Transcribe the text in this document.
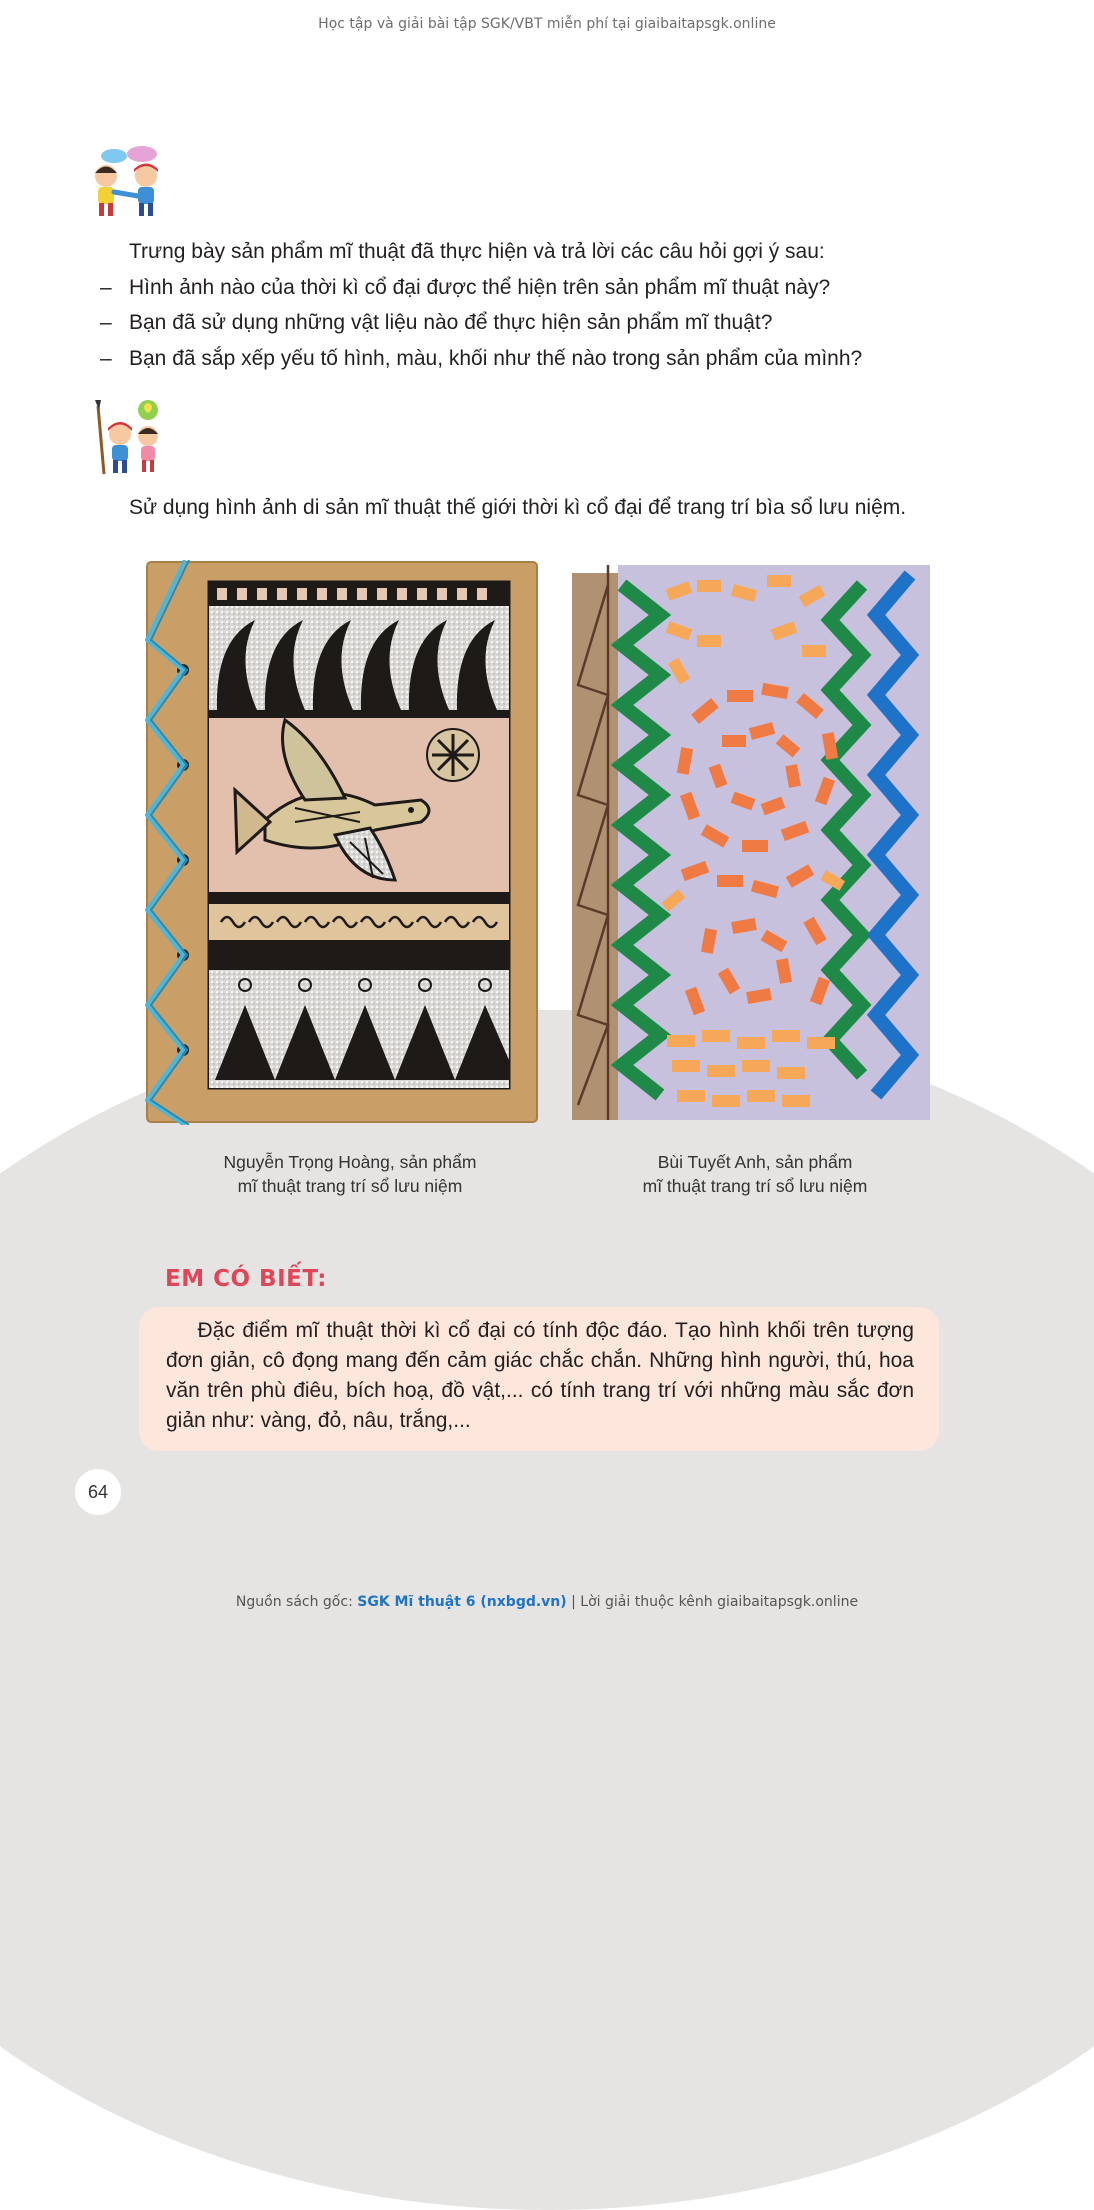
Học tập và giải bài tập SGK/VBT miễn phí tại giaibaitapsgk.online
Trưng bày sản phẩm mĩ thuật đã thực hiện và trả lời các câu hỏi gợi ý sau:
– Hình ảnh nào của thời kì cổ đại được thể hiện trên sản phẩm mĩ thuật này?
– Bạn đã sử dụng những vật liệu nào để thực hiện sản phẩm mĩ thuật?
– Bạn đã sắp xếp yếu tố hình, màu, khối như thế nào trong sản phẩm của mình?
Sử dụng hình ảnh di sản mĩ thuật thế giới thời kì cổ đại để trang trí bìa sổ lưu niệm.
Nguyễn Trọng Hoàng, sản phẩm
mĩ thuật trang trí sổ lưu niệm
Bùi Tuyết Anh, sản phẩm
mĩ thuật trang trí sổ lưu niệm
EM CÓ BIẾT:
  Đặc điểm mĩ thuật thời kì cổ đại có tính độc đáo. Tạo hình khối trên tượng đơn giản, cô đọng mang đến cảm giác chắc chắn. Những hình người, thú, hoa văn trên phù điêu, bích hoạ, đồ vật,... có tính trang trí với những màu sắc đơn giản như: vàng, đỏ, nâu, trắng,...
64
Nguồn sách gốc: SGK Mĩ thuật 6 (nxbgd.vn) | Lời giải thuộc kênh giaibaitapsgk.online
